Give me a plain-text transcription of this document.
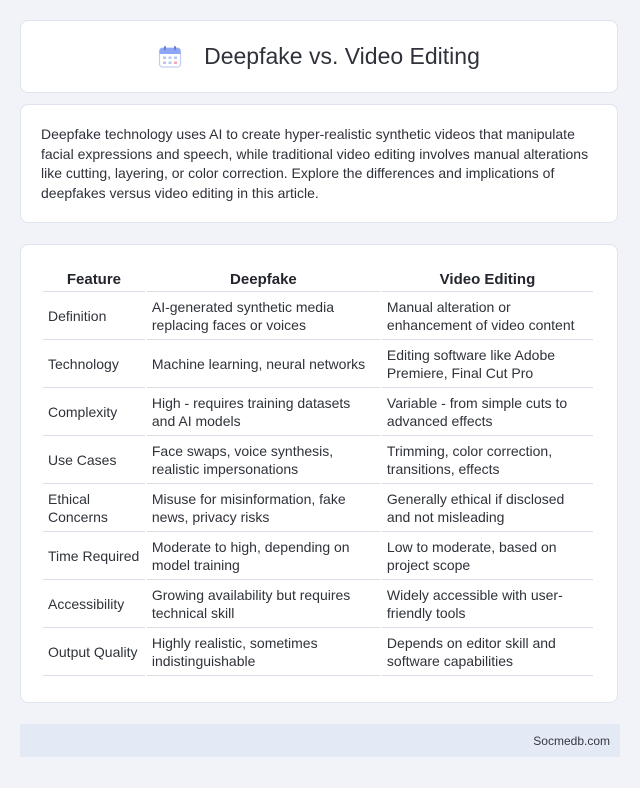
Deepfake vs. Video Editing

Deepfake technology uses AI to create hyper-realistic synthetic videos that manipulate facial expressions and speech, while traditional video editing involves manual alterations like cutting, layering, or color correction. Explore the differences and implications of deepfakes versus video editing in this article.

Feature	Deepfake	Video Editing
Definition	AI-generated synthetic media replacing faces or voices	Manual alteration or enhancement of video content
Technology	Machine learning, neural networks	Editing software like Adobe Premiere, Final Cut Pro
Complexity	High - requires training datasets and AI models	Variable - from simple cuts to advanced effects
Use Cases	Face swaps, voice synthesis, realistic impersonations	Trimming, color correction, transitions, effects
Ethical Concerns	Misuse for misinformation, fake news, privacy risks	Generally ethical if disclosed and not misleading
Time Required	Moderate to high, depending on model training	Low to moderate, based on project scope
Accessibility	Growing availability but requires technical skill	Widely accessible with user-friendly tools
Output Quality	Highly realistic, sometimes indistinguishable	Depends on editor skill and software capabilities
Socmedb.com
